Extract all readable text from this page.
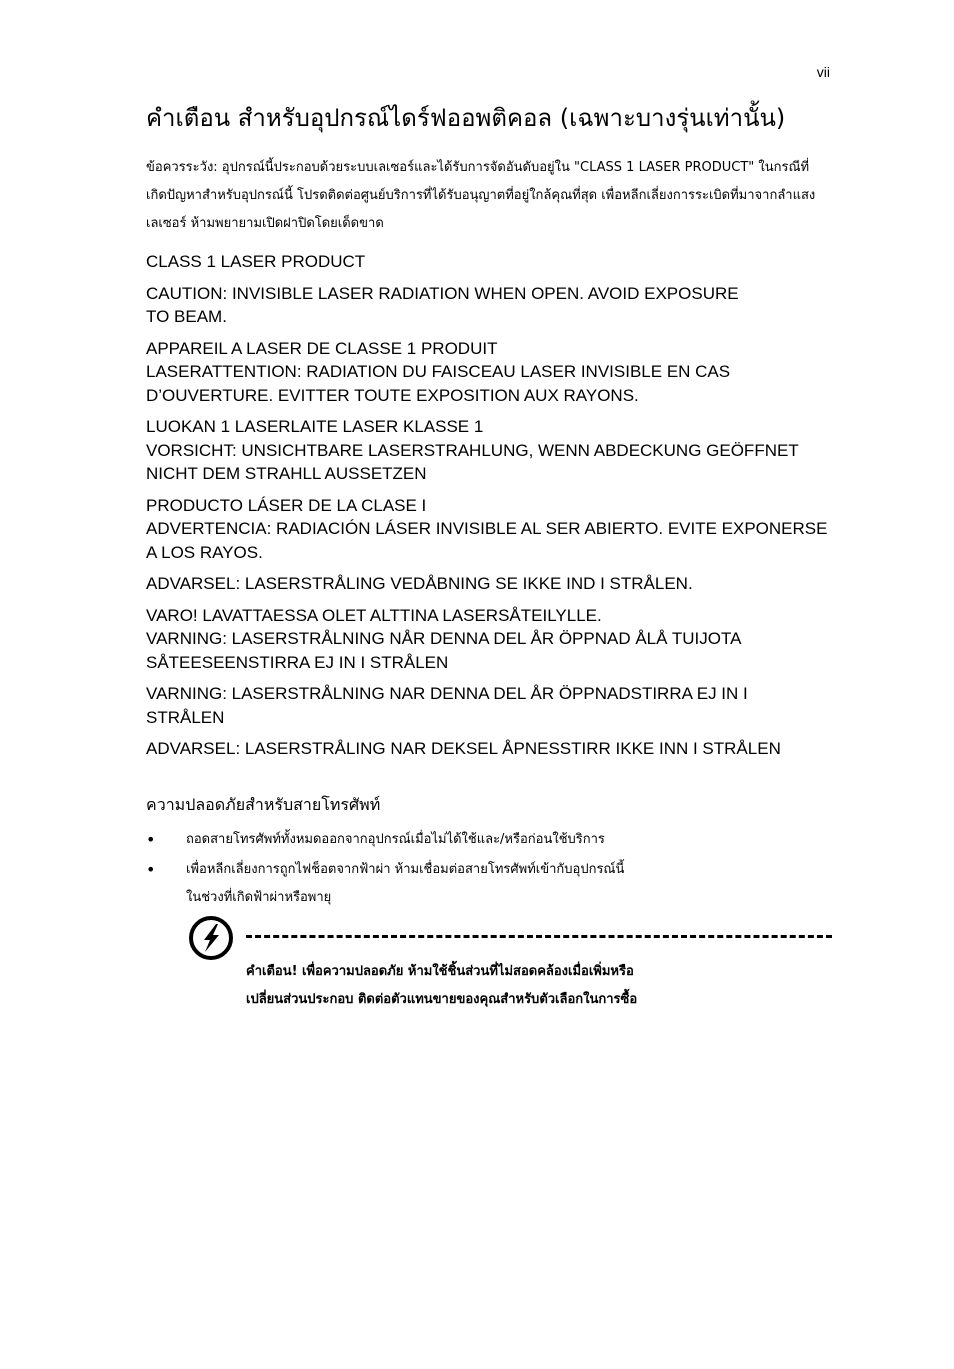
vii
คำเตือน สำหรับอุปกรณ์ไดร์ฟออพติคอล (เฉพาะบางรุ่นเท่านั้น)

ข้อควรระวัง: อุปกรณ์นี้ประกอบด้วยระบบเลเซอร์และได้รับการจัดอันดับอยู่ใน "CLASS 1 LASER PRODUCT" ในกรณีที่เกิดปัญหาสำหรับอุปกรณ์นี้ โปรดติดต่อศูนย์บริการที่ได้รับอนุญาตที่อยู่ใกล้คุณที่สุด เพื่อหลีกเลี่ยงการระเบิดที่มาจากลำแสงเลเซอร์ ห้ามพยายามเปิดฝาปิดโดยเด็ดขาด

CLASS 1 LASER PRODUCT

CAUTION: INVISIBLE LASER RADIATION WHEN OPEN. AVOID EXPOSURE
TO BEAM.

APPAREIL A LASER DE CLASSE 1 PRODUIT
LASERATTENTION: RADIATION DU FAISCEAU LASER INVISIBLE EN CAS
D’OUVERTURE. EVITTER TOUTE EXPOSITION AUX RAYONS.

LUOKAN 1 LASERLAITE LASER KLASSE 1
VORSICHT: UNSICHTBARE LASERSTRAHLUNG, WENN ABDECKUNG GEÖFFNET
NICHT DEM STRAHLL AUSSETZEN

PRODUCTO LÁSER DE LA CLASE I
ADVERTENCIA: RADIACIÓN LÁSER INVISIBLE AL SER ABIERTO. EVITE EXPONERSE
A LOS RAYOS.

ADVARSEL: LASERSTRÅLING VEDÅBNING SE IKKE IND I STRÅLEN.

VARO! LAVATTAESSA OLET ALTTINA LASERSÅTEILYLLE.
VARNING: LASERSTRÅLNING NÅR DENNA DEL ÅR ÖPPNAD ÅLÅ TUIJOTA
SÅTEESEENSTIRRA EJ IN I STRÅLEN

VARNING: LASERSTRÅLNING NAR DENNA DEL ÅR ÖPPNADSTIRRA EJ IN I
STRÅLEN

ADVARSEL: LASERSTRÅLING NAR DEKSEL ÅPNESSTIRR IKKE INN I STRÅLEN

ความปลอดภัยสำหรับสายโทรศัพท์
• ถอดสายโทรศัพท์ทั้งหมดออกจากอุปกรณ์เมื่อไม่ได้ใช้และ/หรือก่อนใช้บริการ
• เพื่อหลีกเลี่ยงการถูกไฟช็อตจากฟ้าผ่า ห้ามเชื่อมต่อสายโทรศัพท์เข้ากับอุปกรณ์นี้
ในช่วงที่เกิดฟ้าผ่าหรือพายุ

คำเตือน! เพื่อความปลอดภัย ห้ามใช้ชิ้นส่วนที่ไม่สอดคล้องเมื่อเพิ่มหรือ
เปลี่ยนส่วนประกอบ ติดต่อตัวแทนขายของคุณสำหรับตัวเลือกในการซื้อ
